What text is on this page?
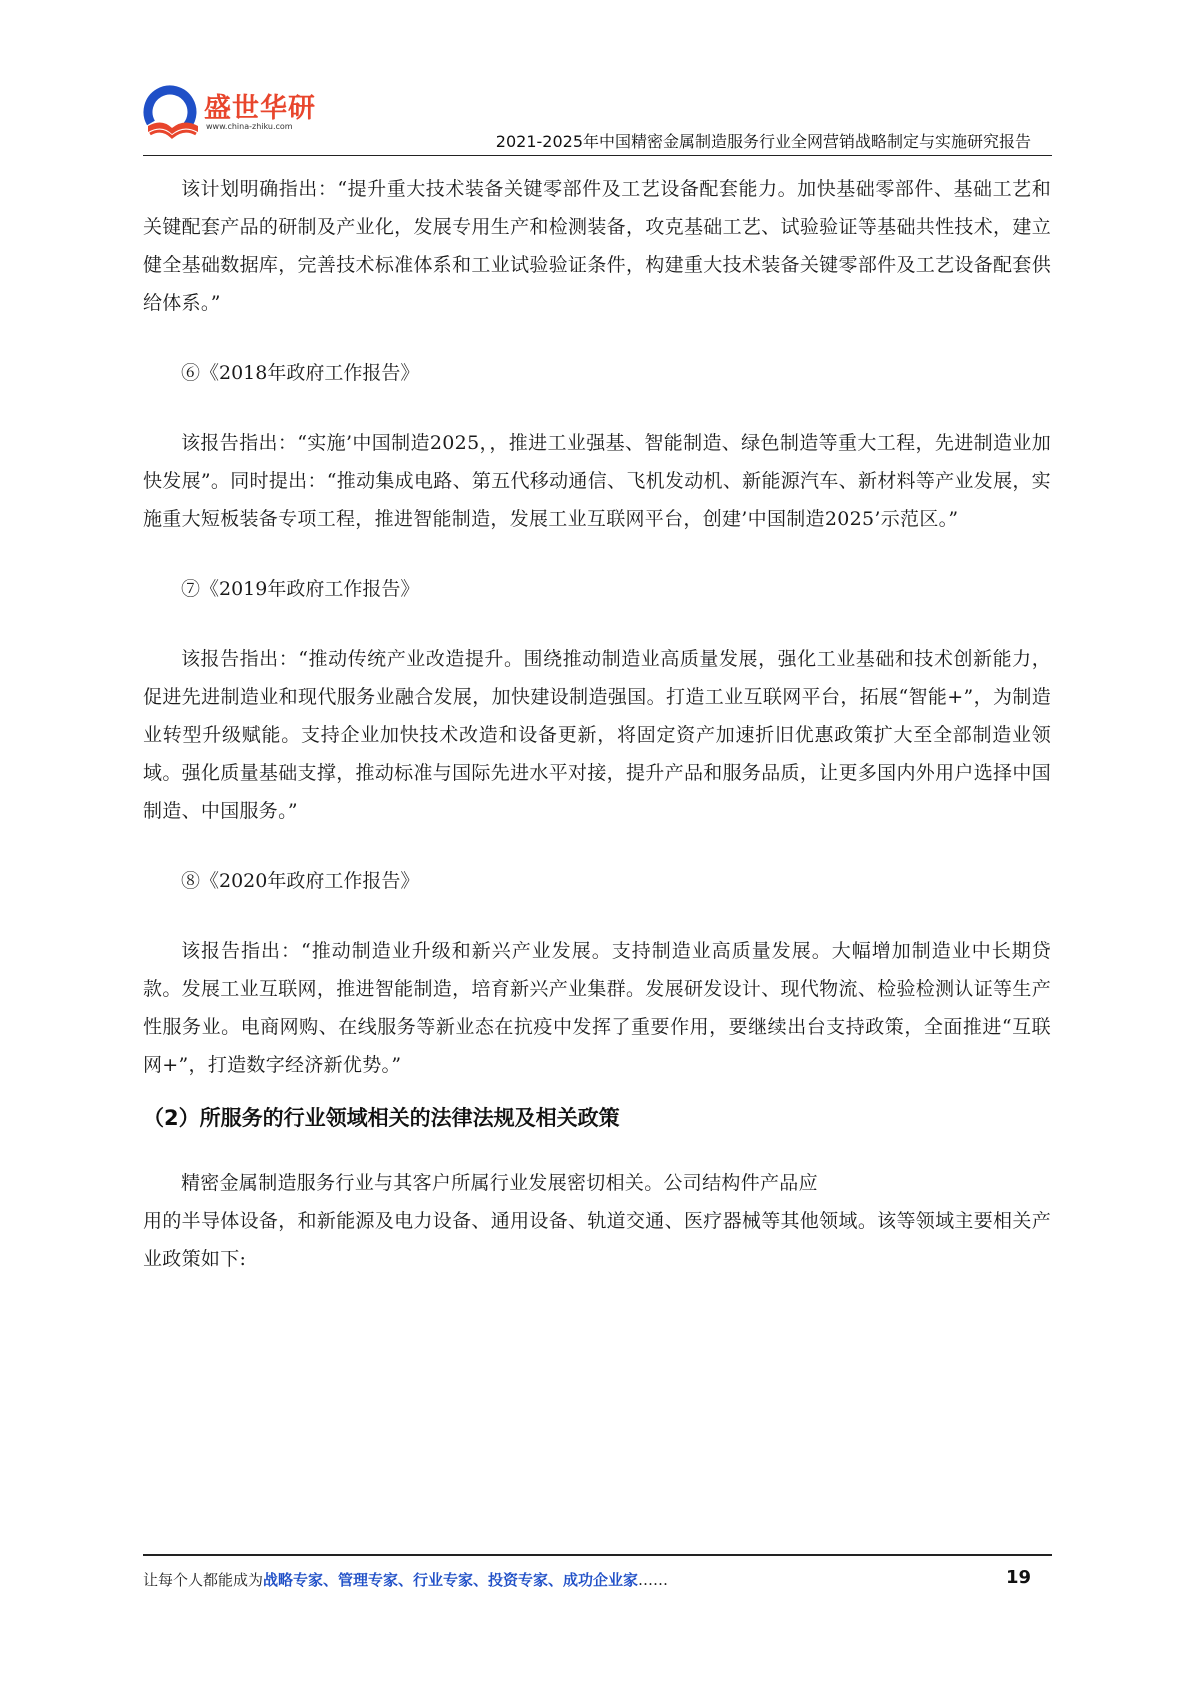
盛世华研
www.china-zhiku.com
2021-2025年中国精密金属制造服务行业全网营销战略制定与实施研究报告

该计划明确指出：“提升重大技术装备关键零部件及工艺设备配套能力。加快基础零部件、基础工艺和关键配套产品的研制及产业化，发展专用生产和检测装备，攻克基础工艺、试验验证等基础共性技术，建立健全基础数据库，完善技术标准体系和工业试验验证条件，构建重大技术装备关键零部件及工艺设备配套供给体系。”

⑥《2018年政府工作报告》

该报告指出：“实施’中国制造2025，，推进工业强基、智能制造、绿色制造等重大工程，先进制造业加快发展”。同时提出：“推动集成电路、第五代移动通信、飞机发动机、新能源汽车、新材料等产业发展，实施重大短板装备专项工程，推进智能制造，发展工业互联网平台，创建’中国制造2025’示范区。”

⑦《2019年政府工作报告》

该报告指出：“推动传统产业改造提升。围绕推动制造业高质量发展，强化工业基础和技术创新能力，促进先进制造业和现代服务业融合发展，加快建设制造强国。打造工业互联网平台，拓展“智能+”，为制造业转型升级赋能。支持企业加快技术改造和设备更新，将固定资产加速折旧优惠政策扩大至全部制造业领域。强化质量基础支撑，推动标准与国际先进水平对接，提升产品和服务品质，让更多国内外用户选择中国制造、中国服务。”

⑧《2020年政府工作报告》

该报告指出：“推动制造业升级和新兴产业发展。支持制造业高质量发展。大幅增加制造业中长期贷款。发展工业互联网，推进智能制造，培育新兴产业集群。发展研发设计、现代物流、检验检测认证等生产性服务业。电商网购、在线服务等新业态在抗疫中发挥了重要作用，要继续出台支持政策，全面推进“互联网+”，打造数字经济新优势。”

（2）所服务的行业领域相关的法律法规及相关政策

精密金属制造服务行业与其客户所属行业发展密切相关。公司结构件产品应

用的半导体设备，和新能源及电力设备、通用设备、轨道交通、医疗器械等其他领域。该等领域主要相关产业政策如下:

让每个人都能成为战略专家、管理专家、行业专家、投资专家、成功企业家……	19
